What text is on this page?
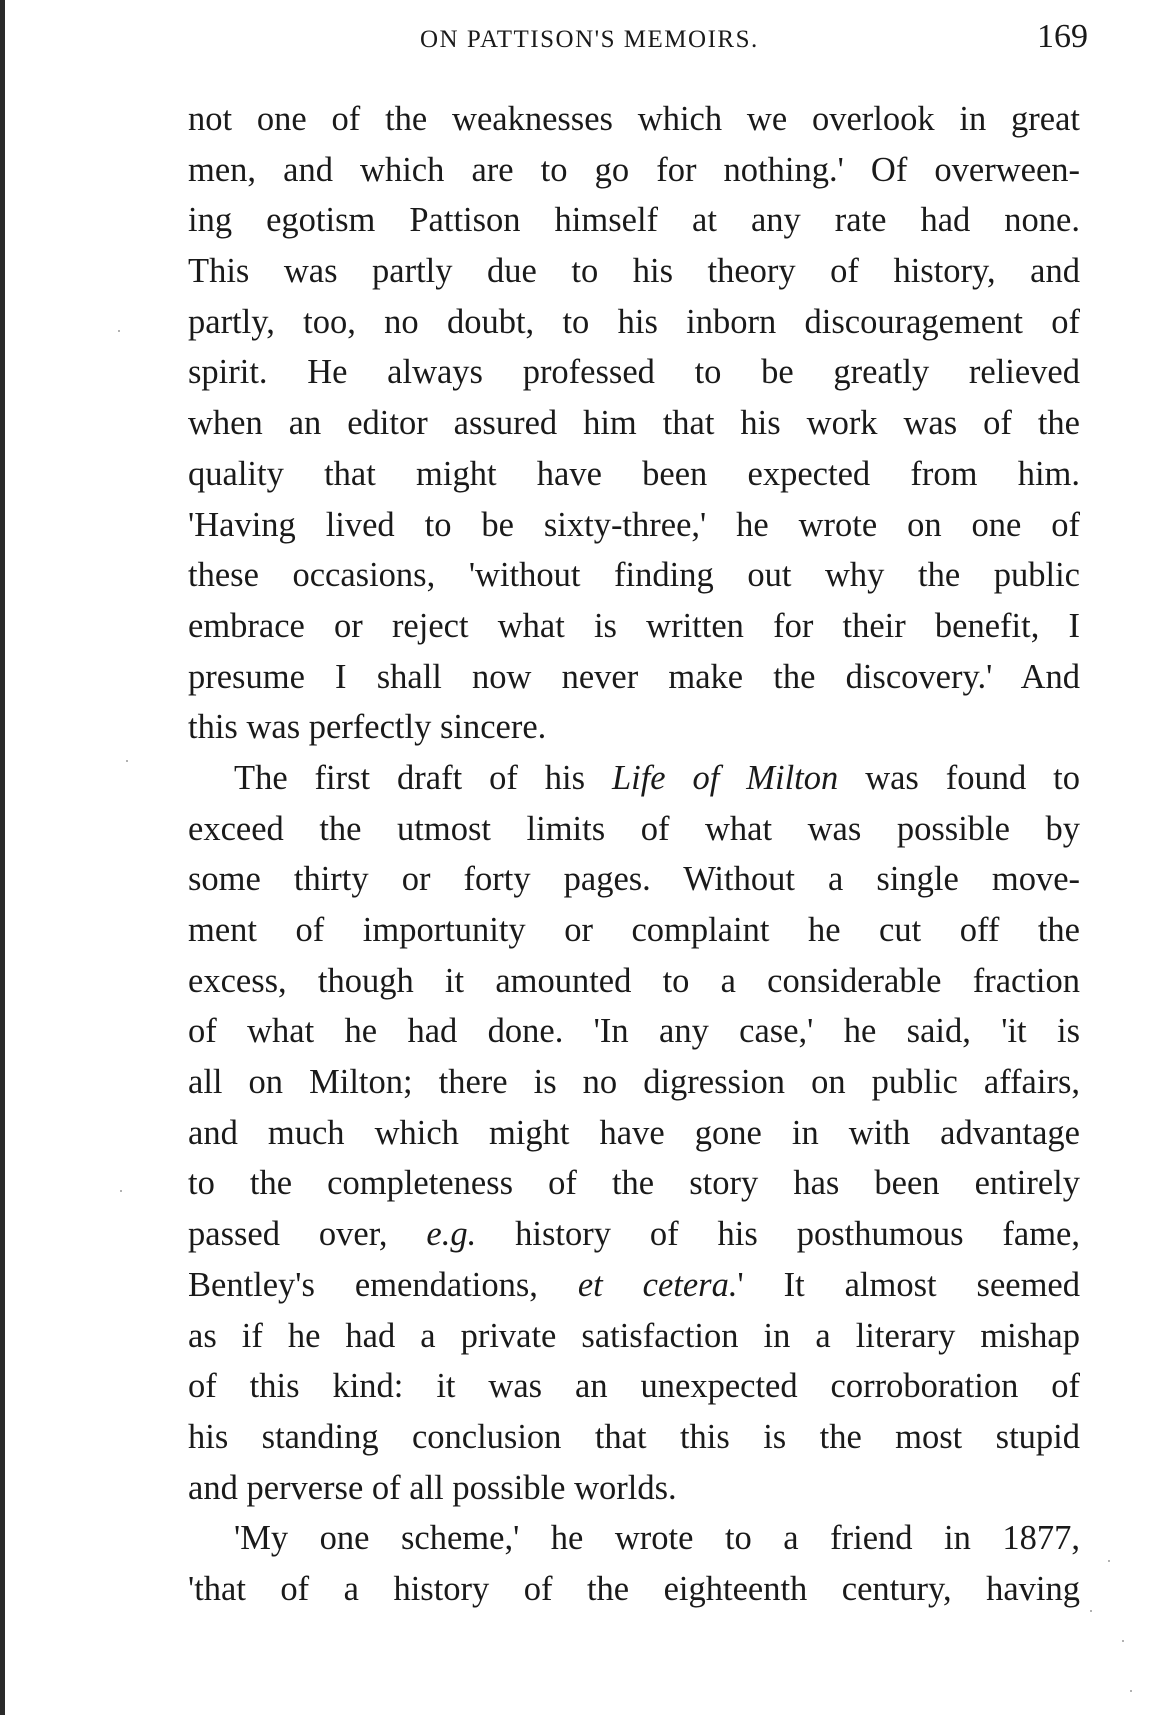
ON PATTISON'S MEMOIRS.	169
not one of the weaknesses which we overlook in great
men, and which are to go for nothing.' Of overween-
ing egotism Pattison himself at any rate had none.
This was partly due to his theory of history, and
partly, too, no doubt, to his inborn discouragement of
spirit. He always professed to be greatly relieved
when an editor assured him that his work was of the
quality that might have been expected from him.
'Having lived to be sixty-three,' he wrote on one of
these occasions, 'without finding out why the public
embrace or reject what is written for their benefit, I
presume I shall now never make the discovery.' And
this was perfectly sincere.
The first draft of his Life of Milton was found to
exceed the utmost limits of what was possible by
some thirty or forty pages. Without a single move-
ment of importunity or complaint he cut off the
excess, though it amounted to a considerable fraction
of what he had done. 'In any case,' he said, 'it is
all on Milton; there is no digression on public affairs,
and much which might have gone in with advantage
to the completeness of the story has been entirely
passed over, e.g. history of his posthumous fame,
Bentley's emendations, et cetera.' It almost seemed
as if he had a private satisfaction in a literary mishap
of this kind: it was an unexpected corroboration of
his standing conclusion that this is the most stupid
and perverse of all possible worlds.
'My one scheme,' he wrote to a friend in 1877,
'that of a history of the eighteenth century, having
